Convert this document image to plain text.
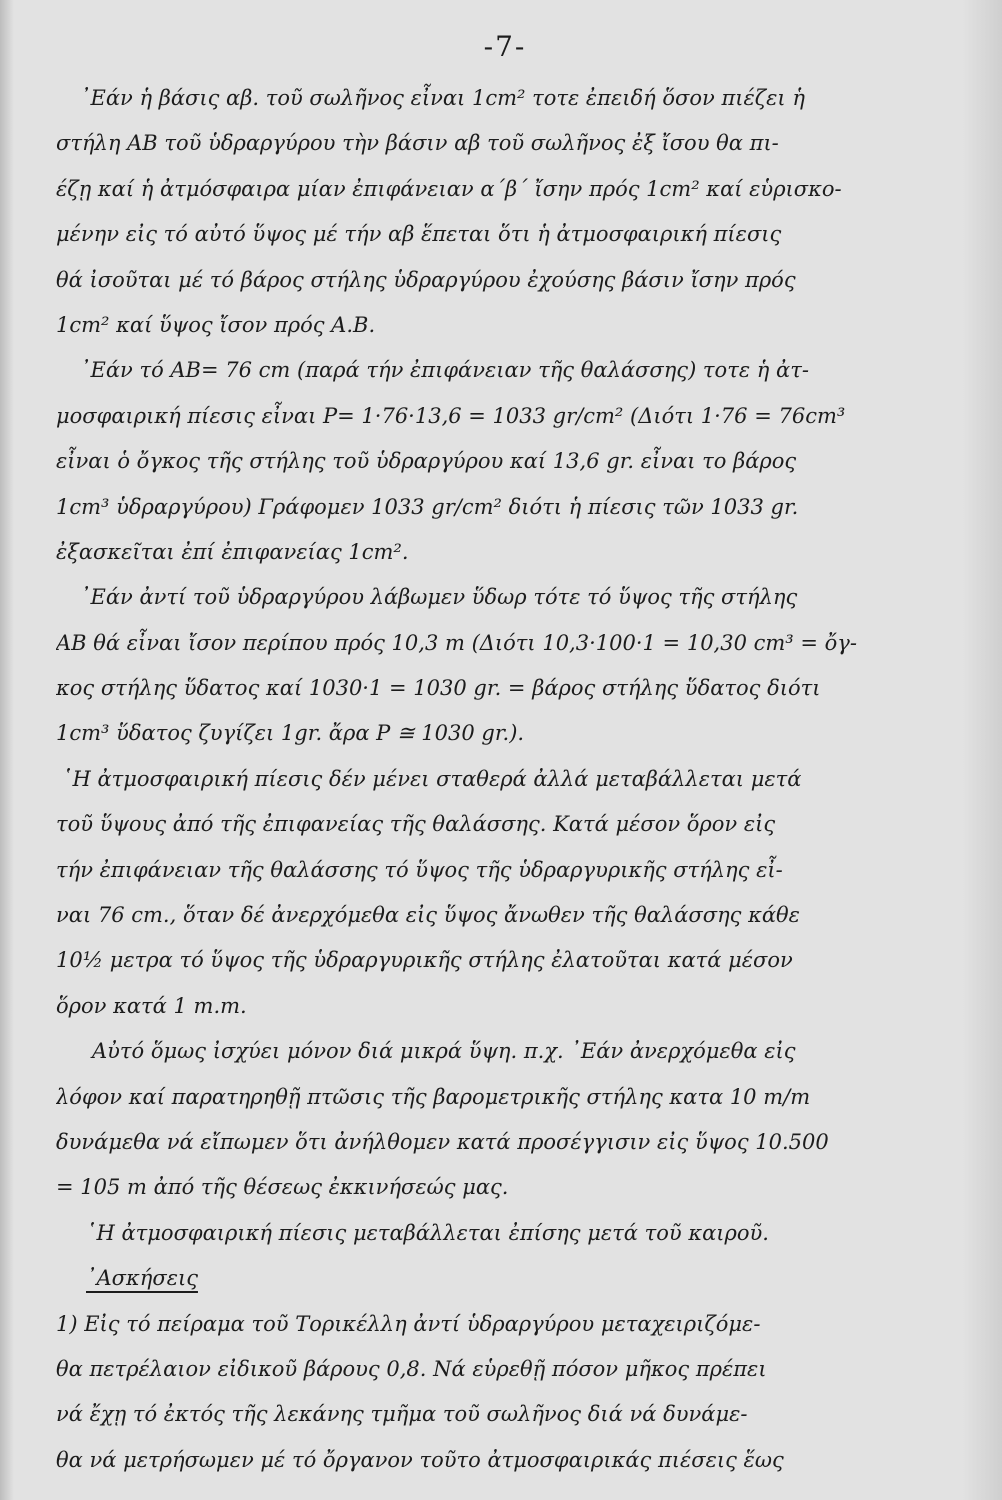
-7-
᾿Εάν ἡ βάσις αβ. τοῦ σωλῆνος εἶναι 1cm² τοτε ἐπειδή ὅσον πιέζει ἡ
στήλη ΑΒ τοῦ ὑδραργύρου τὴν βάσιν αβ τοῦ σωλῆνος ἐξ ἴσου θα πι-
έζῃ καί ἡ ἀτμόσφαιρα μίαν ἐπιφάνειαν α΄β΄ ἴσην πρός 1cm² καί εὑρισκο-
μένην εἰς τό αὐτό ὕψος μέ τήν αβ ἕπεται ὅτι ἡ ἀτμοσφαιρική πίεσις
θά ἰσοῦται μέ τό βάρος στήλης ὑδραργύρου ἐχούσης βάσιν ἴσην πρός
1cm² καί ὕψος ἴσον πρός Α.Β.
᾿Εάν τό ΑΒ= 76 cm (παρά τήν ἐπιφάνειαν τῆς θαλάσσης) τοτε ἡ ἀτ-
μοσφαιρική πίεσις εἶναι Ρ= 1·76·13,6 = 1033 gr/cm² (Διότι 1·76 = 76cm³
εἶναι ὁ ὄγκος τῆς στήλης τοῦ ὑδραργύρου καί 13,6 gr. εἶναι το βάρος
1cm³ ὑδραργύρου) Γράφομεν 1033 gr/cm² διότι ἡ πίεσις τῶν 1033 gr.
ἐξασκεῖται ἐπί ἐπιφανείας 1cm².
᾿Εάν ἀντί τοῦ ὑδραργύρου λάβωμεν ὕδωρ τότε τό ὕψος τῆς στήλης
ΑΒ θά εἶναι ἴσον περίπου πρός 10,3 m (Διότι 10,3·100·1 = 10,30 cm³ = ὄγ-
κος στήλης ὕδατος καί 1030·1 = 1030 gr. = βάρος στήλης ὕδατος διότι
1cm³ ὕδατος ζυγίζει 1gr. ἄρα Ρ ≅ 1030 gr.).
῾Η ἀτμοσφαιρική πίεσις δέν μένει σταθερά ἀλλά μεταβάλλεται μετά
τοῦ ὕψους ἀπό τῆς ἐπιφανείας τῆς θαλάσσης. Κατά μέσον ὅρον εἰς
τήν ἐπιφάνειαν τῆς θαλάσσης τό ὕψος τῆς ὑδραργυρικῆς στήλης εἶ-
ναι 76 cm., ὅταν δέ ἀνερχόμεθα εἰς ὕψος ἄνωθεν τῆς θαλάσσης κάθε
10½ μετρα τό ὕψος τῆς ὑδραργυρικῆς στήλης ἐλατοῦται κατά μέσον
ὅρον κατά 1 m.m.
Αὐτό ὅμως ἰσχύει μόνον διά μικρά ὕψη. π.χ. ᾿Εάν ἀνερχόμεθα εἰς
λόφον καί παρατηρηθῇ πτῶσις τῆς βαρομετρικῆς στήλης κατα 10 m/m
δυνάμεθα νά εἴπωμεν ὅτι ἀνήλθομεν κατά προσέγγισιν εἰς ὕψος 10.500
= 105 m ἀπό τῆς θέσεως ἐκκινήσεώς μας.
῾Η ἀτμοσφαιρική πίεσις μεταβάλλεται ἐπίσης μετά τοῦ καιροῦ.
᾿Ασκήσεις
1) Εἰς τό πείραμα τοῦ Τορικέλλη ἀντί ὑδραργύρου μεταχειριζόμε-
θα πετρέλαιον εἰδικοῦ βάρους 0,8. Νά εὑρεθῇ πόσον μῆκος πρέπει
νά ἔχῃ τό ἐκτός τῆς λεκάνης τμῆμα τοῦ σωλῆνος διά νά δυνάμε-
θα νά μετρήσωμεν μέ τό ὄργανον τοῦτο ἀτμοσφαιρικάς πιέσεις ἕως
